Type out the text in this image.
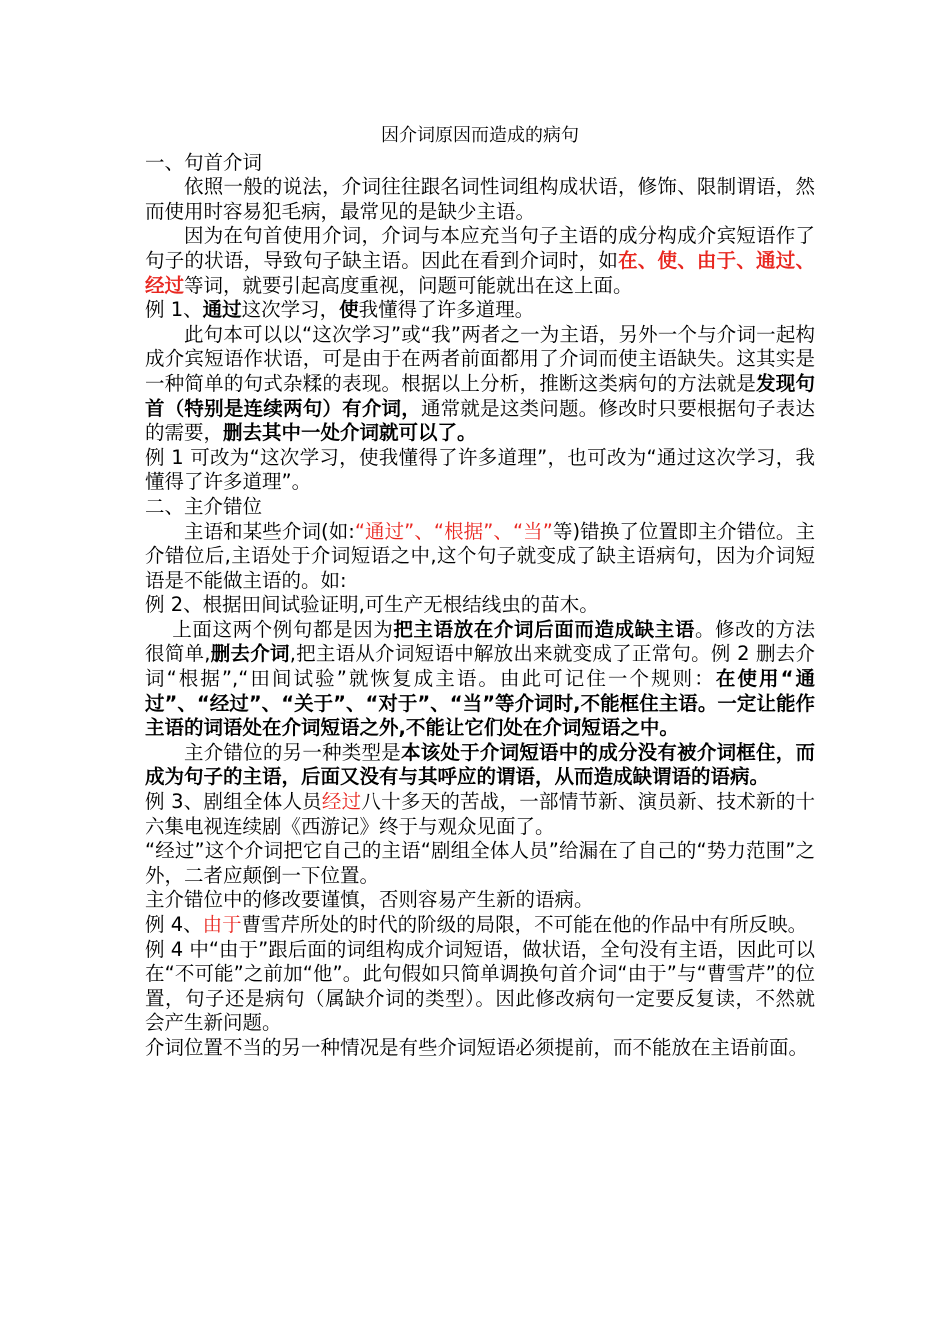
因介词原因而造成的病句
一、句首介词

依照一般的说法，介词往往跟名词性词组构成状语，修饰、限制谓语，然而使用时容易犯毛病，最常见的是缺少主语。

因为在句首使用介词，介词与本应充当句子主语的成分构成介宾短语作了句子的状语，导致句子缺主语。因此在看到介词时，如在、使、由于、通过、经过等词，就要引起高度重视，问题可能就出在这上面。

例 1、通过这次学习，使我懂得了许多道理。

此句本可以以“这次学习”或“我”两者之一为主语，另外一个与介词一起构成介宾短语作状语，可是由于在两者前面都用了介词而使主语缺失。这其实是一种简单的句式杂糅的表现。根据以上分析，推断这类病句的方法就是发现句首（特别是连续两句）有介词，通常就是这类问题。修改时只要根据句子表达的需要，删去其中一处介词就可以了。

例 1 可改为“这次学习，使我懂得了许多道理”，也可改为“通过这次学习，我懂得了许多道理”。

二、主介错位

主语和某些介词(如:“通过”、“根据”、“当”等)错换了位置即主介错位。主介错位后,主语处于介词短语之中,这个句子就变成了缺主语病句，因为介词短语是不能做主语的。如:

例 2、根据田间试验证明,可生产无根结线虫的苗木。

上面这两个例句都是因为把主语放在介词后面而造成缺主语。修改的方法很简单,删去介词,把主语从介词短语中解放出来就变成了正常句。例 2 删去介词“根据”,“田间试验”就恢复成主语。由此可记住一个规则：在使用“通过”、“经过”、“关于”、“对于”、“当”等介词时,不能框住主语。一定让能作主语的词语处在介词短语之外,不能让它们处在介词短语之中。

主介错位的另一种类型是本该处于介词短语中的成分没有被介词框住，而成为句子的主语，后面又没有与其呼应的谓语，从而造成缺谓语的语病。

例 3、剧组全体人员经过八十多天的苦战，一部情节新、演员新、技术新的十六集电视连续剧《西游记》终于与观众见面了。

“经过”这个介词把它自己的主语“剧组全体人员”给漏在了自己的“势力范围”之外，二者应颠倒一下位置。

主介错位中的修改要谨慎，否则容易产生新的语病。

例 4、由于曹雪芹所处的时代的阶级的局限，不可能在他的作品中有所反映。

例 4 中“由于”跟后面的词组构成介词短语，做状语，全句没有主语，因此可以在“不可能”之前加“他”。此句假如只简单调换句首介词“由于”与“曹雪芹”的位置，句子还是病句（属缺介词的类型）。因此修改病句一定要反复读，不然就会产生新问题。

介词位置不当的另一种情况是有些介词短语必须提前，而不能放在主语前面。
